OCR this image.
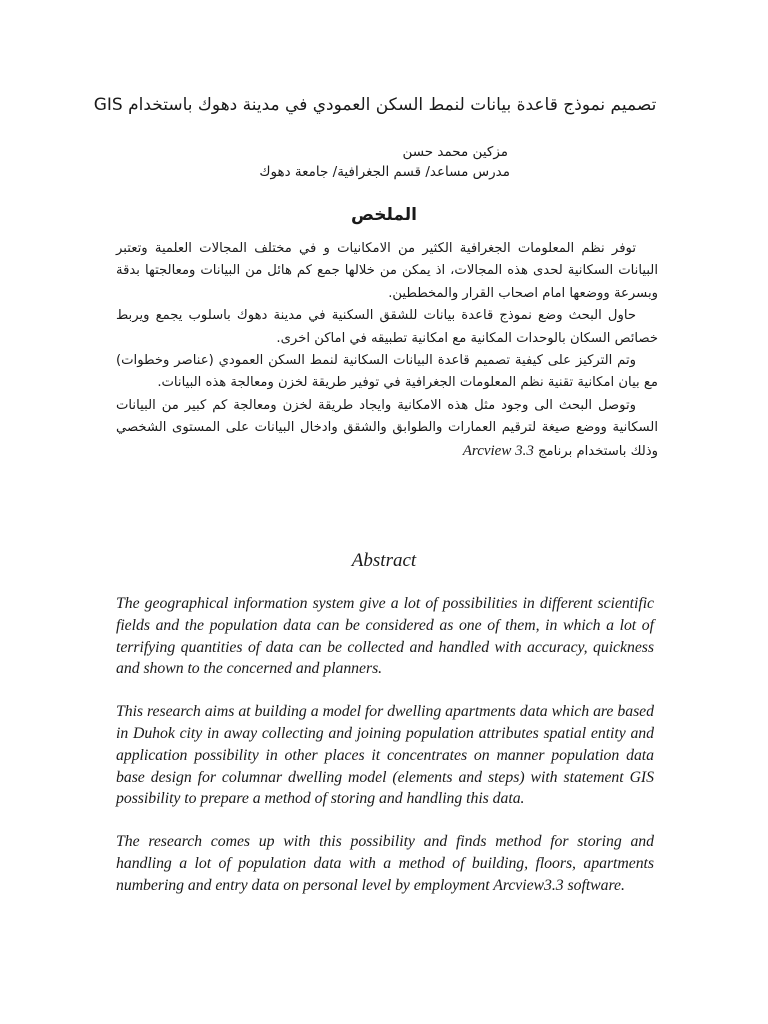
تصميم نموذج قاعدة بيانات لنمط السكن العمودي في مدينة دهوك باستخدام GIS
مزكين محمد حسن
مدرس مساعد/ قسم الجغرافية/ جامعة دهوك
الملخص

توفر نظم المعلومات الجغرافية الكثير من الامكانيات و في مختلف المجالات العلمية وتعتبر البيانات السكانية لحدى هذه المجالات، اذ يمكن من خلالها جمع كم هائل من البيانات ومعالجتها بدقة وبسرعة ووضعها امام اصحاب القرار والمخططين.

حاول البحث وضع نموذج قاعدة بيانات للشقق السكنية في مدينة دهوك باسلوب يجمع ويربط خصائص السكان بالوحدات المكانية مع امكانية تطبيقه في اماكن اخرى.

وتم التركيز على كيفية تصميم قاعدة البيانات السكانية لنمط السكن العمودي (عناصر وخطوات) مع بيان امكانية تقنية نظم المعلومات الجغرافية في توفير طريقة لخزن ومعالجة هذه البيانات.

وتوصل البحث الى وجود مثل هذه الامكانية وايجاد طريقة لخزن ومعالجة كم كبير من البيانات السكانية ووضع صيغة لترقيم العمارات والطوابق والشقق وادخال البيانات على المستوى الشخصي وذلك باستخدام برنامج Arcview 3.3

Abstract

The geographical information system give a lot of possibilities in different scientific fields and the population data can be considered as one of them, in which a lot of terrifying quantities of data can be collected and handled with accuracy, quickness and shown to the concerned and planners.

This research aims at building a model for dwelling apartments data which are based in Duhok city in away collecting and joining population attributes spatial entity and application possibility in other places it concentrates on manner population data base design for columnar dwelling model (elements and steps) with statement GIS possibility to prepare a method of storing and handling this data.

The research comes up with this possibility and finds method for storing and handling a lot of population data with a method of building, floors, apartments numbering and entry data on personal level by employment Arcview3.3 software.
